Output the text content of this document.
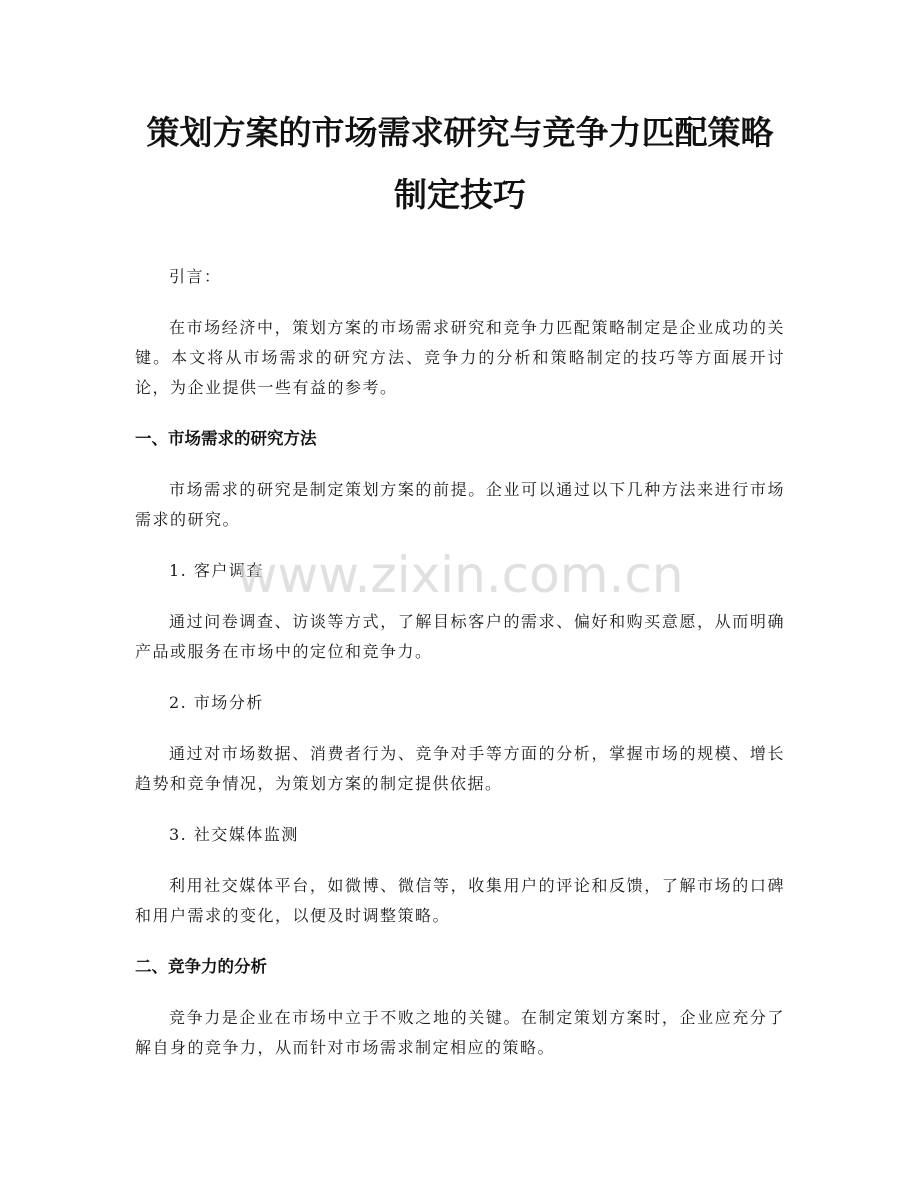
策划方案的市场需求研究与竞争力匹配策略制定技巧

引言：

在市场经济中，策划方案的市场需求研究和竞争力匹配策略制定是企业成功的关键。本文将从市场需求的研究方法、竞争力的分析和策略制定的技巧等方面展开讨论，为企业提供一些有益的参考。

一、市场需求的研究方法

市场需求的研究是制定策划方案的前提。企业可以通过以下几种方法来进行市场需求的研究。

1. 客户调查

通过问卷调查、访谈等方式，了解目标客户的需求、偏好和购买意愿，从而明确产品或服务在市场中的定位和竞争力。

2. 市场分析

通过对市场数据、消费者行为、竞争对手等方面的分析，掌握市场的规模、增长趋势和竞争情况，为策划方案的制定提供依据。

3. 社交媒体监测

利用社交媒体平台，如微博、微信等，收集用户的评论和反馈，了解市场的口碑和用户需求的变化，以便及时调整策略。

二、竞争力的分析

竞争力是企业在市场中立于不败之地的关键。在制定策划方案时，企业应充分了解自身的竞争力，从而针对市场需求制定相应的策略。

www.zixin.com.cn
